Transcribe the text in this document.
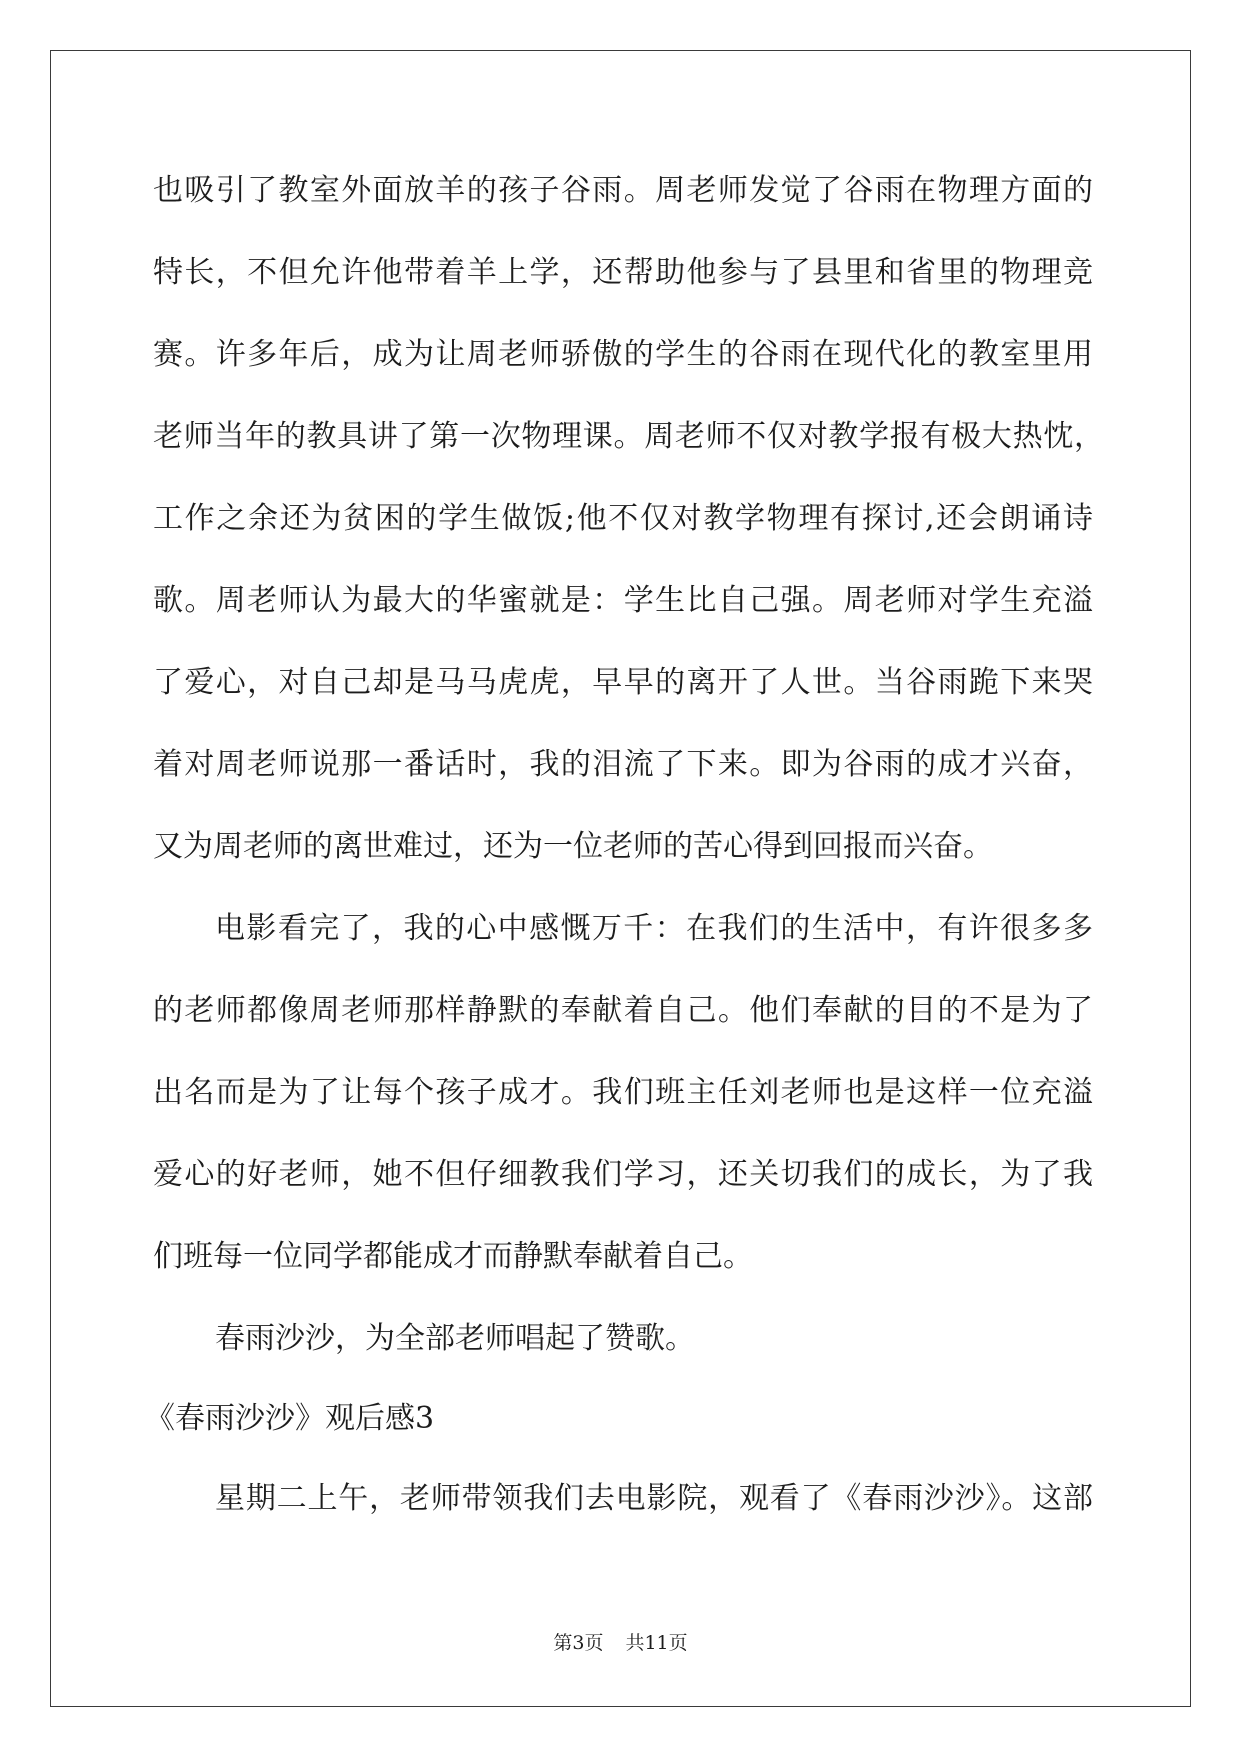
也吸引了教室外面放羊的孩子谷雨。周老师发觉了谷雨在物理方面的
特长，不但允许他带着羊上学，还帮助他参与了县里和省里的物理竞
赛。许多年后，成为让周老师骄傲的学生的谷雨在现代化的教室里用
老师当年的教具讲了第一次物理课。周老师不仅对教学报有极大热忱，
工作之余还为贫困的学生做饭;他不仅对教学物理有探讨,还会朗诵诗
歌。周老师认为最大的华蜜就是：学生比自己强。周老师对学生充溢
了爱心，对自己却是马马虎虎，早早的离开了人世。当谷雨跪下来哭
着对周老师说那一番话时，我的泪流了下来。即为谷雨的成才兴奋，
又为周老师的离世难过，还为一位老师的苦心得到回报而兴奋。
电影看完了，我的心中感慨万千：在我们的生活中，有许很多多
的老师都像周老师那样静默的奉献着自己。他们奉献的目的不是为了
出名而是为了让每个孩子成才。我们班主任刘老师也是这样一位充溢
爱心的好老师，她不但仔细教我们学习，还关切我们的成长，为了我
们班每一位同学都能成才而静默奉献着自己。
春雨沙沙，为全部老师唱起了赞歌。
《春雨沙沙》观后感3
星期二上午，老师带领我们去电影院，观看了《春雨沙沙》。这部
第3页 共11页
